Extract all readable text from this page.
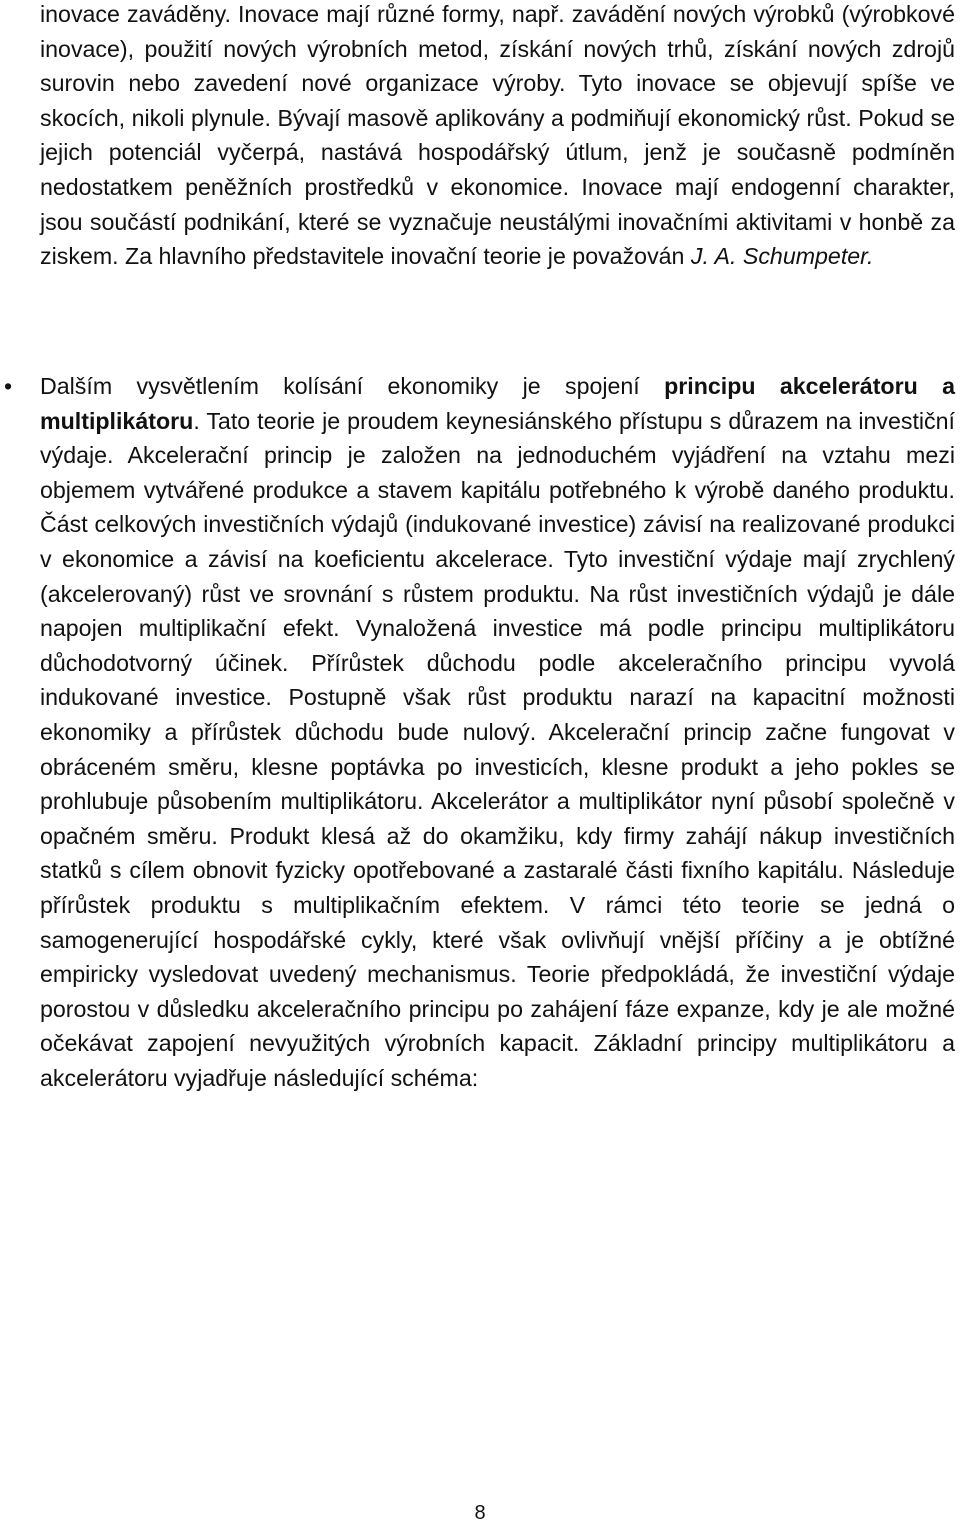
inovace zaváděny. Inovace mají různé formy, např. zavádění nových výrobků (výrobkové inovace), použití nových výrobních metod, získání nových trhů, získání nových zdrojů surovin nebo zavedení nové organizace výroby. Tyto inovace se objevují spíše ve skocích, nikoli plynule. Bývají masově aplikovány a podmiňují ekonomický růst. Pokud se jejich potenciál vyčerpá, nastává hospodářský útlum, jenž je současně podmíněn nedostatkem peněžních prostředků v ekonomice. Inovace mají endogenní charakter, jsou součástí podnikání, které se vyznačuje neustálými inovačními aktivitami v honbě za ziskem. Za hlavního představitele inovační teorie je považován J. A. Schumpeter.

• Dalším vysvětlením kolísání ekonomiky je spojení principu akcelerátoru a multiplikátoru. Tato teorie je proudem keynesiánského přístupu s důrazem na investiční výdaje. Akcelerační princip je založen na jednoduchém vyjádření na vztahu mezi objemem vytvářené produkce a stavem kapitálu potřebného k výrobě daného produktu. Část celkových investičních výdajů (indukované investice) závisí na realizované produkci v ekonomice a závisí na koeficientu akcelerace. Tyto investiční výdaje mají zrychlený (akcelerovaný) růst ve srovnání s růstem produktu. Na růst investičních výdajů je dále napojen multiplikační efekt. Vynaložená investice má podle principu multiplikátoru důchodotvorný účinek. Přírůstek důchodu podle akceleračního principu vyvolá indukované investice. Postupně však růst produktu narazí na kapacitní možnosti ekonomiky a přírůstek důchodu bude nulový. Akcelerační princip začne fungovat v obráceném směru, klesne poptávka po investicích, klesne produkt a jeho pokles se prohlubuje působením multiplikátoru. Akcelerátor a multiplikátor nyní působí společně v opačném směru. Produkt klesá až do okamžiku, kdy firmy zahájí nákup investičních statků s cílem obnovit fyzicky opotřebované a zastaralé části fixního kapitálu. Následuje přírůstek produktu s multiplikačním efektem. V rámci této teorie se jedná o samogenerující hospodářské cykly, které však ovlivňují vnější příčiny a je obtížné empiricky vysledovat uvedený mechanismus. Teorie předpokládá, že investiční výdaje porostou v důsledku akceleračního principu po zahájení fáze expanze, kdy je ale možné očekávat zapojení nevyužitých výrobních kapacit. Základní principy multiplikátoru a akcelerátoru vyjadřuje následující schéma:

8
